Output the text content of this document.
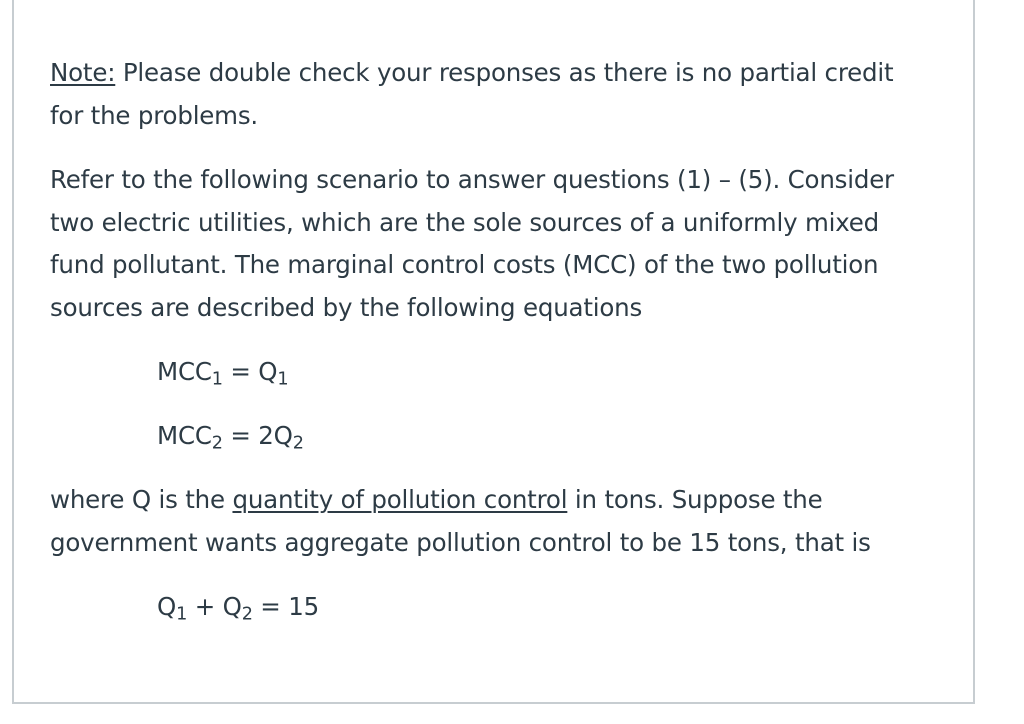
Note: Please double check your responses as there is no partial credit for the problems.

Refer to the following scenario to answer questions (1) – (5). Consider two electric utilities, which are the sole sources of a uniformly mixed fund pollutant. The marginal control costs (MCC) of the two pollution sources are described by the following equations

$MCC_1 = Q_1$

$MCC_2 = 2Q_2$

where Q is the quantity of pollution control in tons. Suppose the government wants aggregate pollution control to be 15 tons, that is

$Q_1 + Q_2 = 15$
